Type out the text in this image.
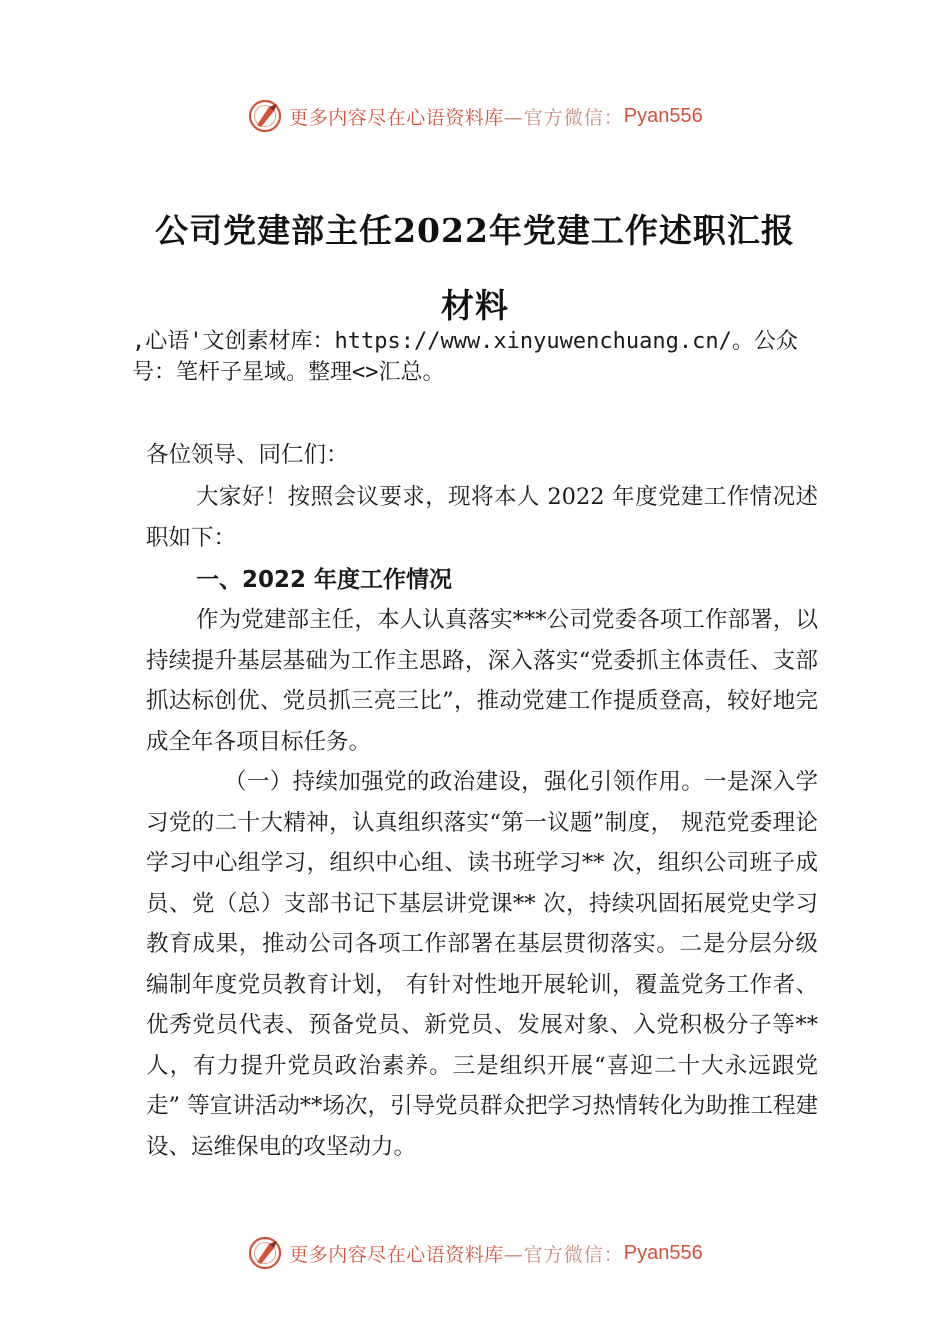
更多内容尽在心语资料库 —官方微信： Pyan556
公司党建部主任2022年党建工作述职汇报
材料
,心语'文创素材库：https://www.xinyuwenchuang.cn/。公众号：笔杆子星域。整理<>汇总。
各位领导、同仁们：

大家好！按照会议要求，现将本人 2022 年度党建工作情况述职如下：

一、2022 年度工作情况

作为党建部主任，本人认真落实***公司党委各项工作部署，以持续提升基层基础为工作主思路，深入落实“党委抓主体责任、支部抓达标创优、党员抓三亮三比”，推动党建工作提质登高，较好地完成全年各项目标任务。

（一）持续加强党的政治建设，强化引领作用。一是深入学习党的二十大精神，认真组织落实“第一议题”制度， 规范党委理论学习中心组学习，组织中心组、读书班学习** 次，组织公司班子成员、党（总）支部书记下基层讲党课** 次，持续巩固拓展党史学习教育成果，推动公司各项工作部署在基层贯彻落实。二是分层分级编制年度党员教育计划， 有针对性地开展轮训，覆盖党务工作者、优秀党员代表、预备党员、新党员、发展对象、入党积极分子等**人，有力提升党员政治素养。三是组织开展“喜迎二十大永远跟党走” 等宣讲活动**场次，引导党员群众把学习热情转化为助推工程建设、运维保电的攻坚动力。

更多内容尽在心语资料库 —官方微信： Pyan556
